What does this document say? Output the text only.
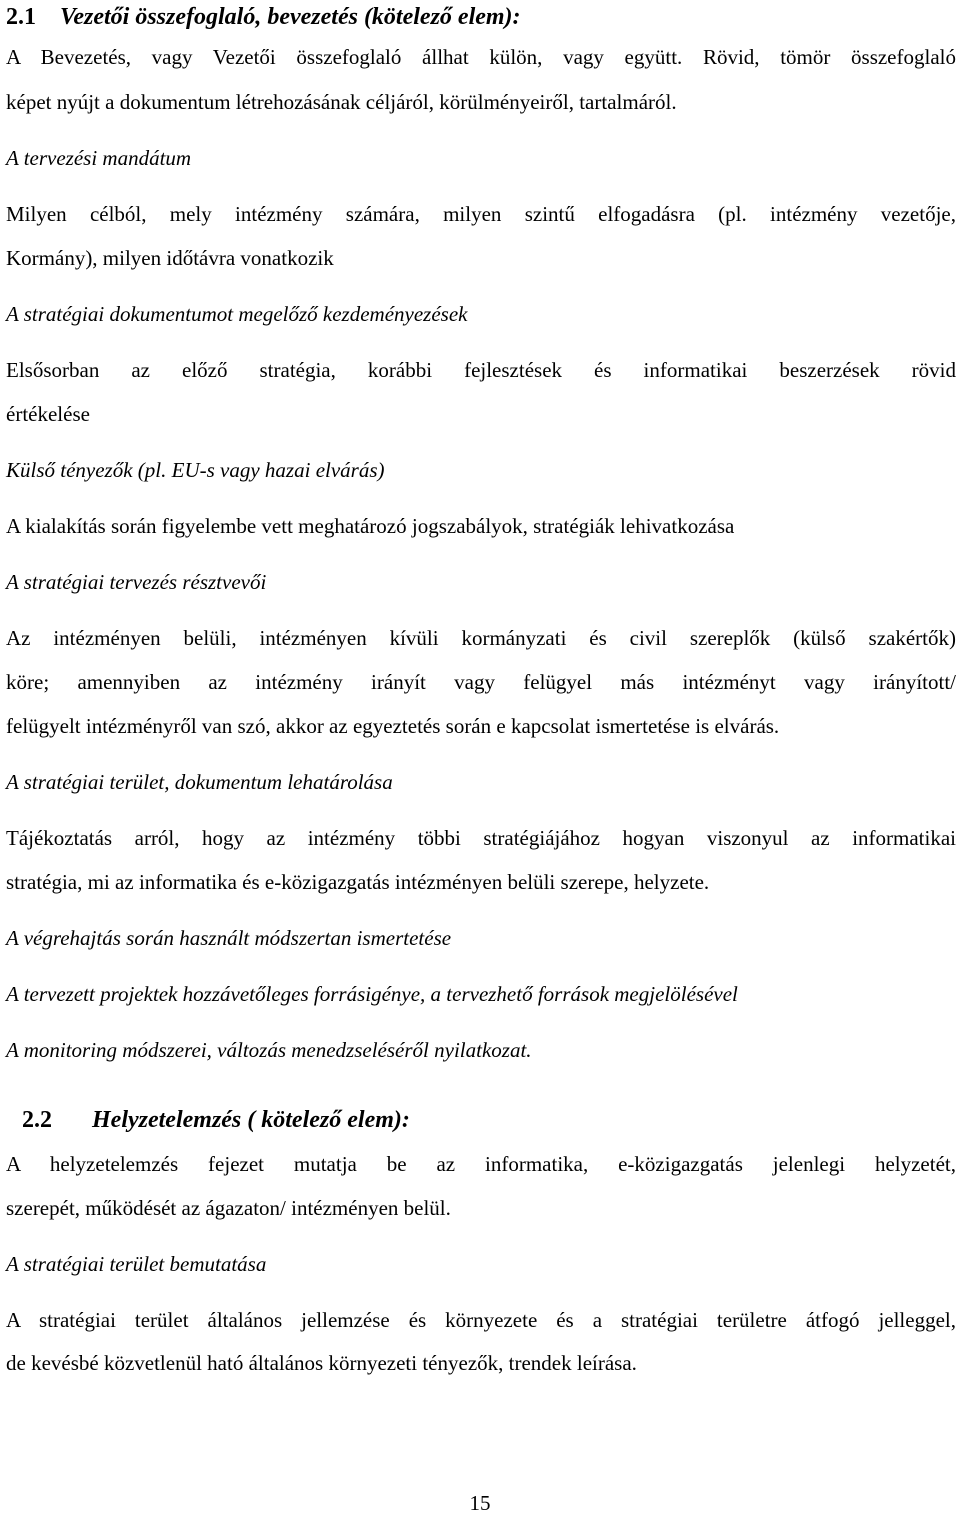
2.1 Vezetői összefoglaló, bevezetés (kötelező elem):
A Bevezetés, vagy Vezetői összefoglaló állhat külön, vagy együtt. Rövid, tömör összefoglaló
képet nyújt a dokumentum létrehozásának céljáról, körülményeiről, tartalmáról.
A tervezési mandátum
Milyen célból, mely intézmény számára, milyen szintű elfogadásra (pl. intézmény vezetője,
Kormány), milyen időtávra vonatkozik
A stratégiai dokumentumot megelőző kezdeményezések
Elsősorban az előző stratégia, korábbi fejlesztések és informatikai beszerzések rövid
értékelése
Külső tényezők (pl. EU-s vagy hazai elvárás)
A kialakítás során figyelembe vett meghatározó jogszabályok, stratégiák lehivatkozása
A stratégiai tervezés résztvevői
Az intézményen belüli, intézményen kívüli kormányzati és civil szereplők (külső szakértők)
köre; amennyiben az intézmény irányít vagy felügyel más intézményt vagy irányított/
felügyelt intézményről van szó, akkor az egyeztetés során e kapcsolat ismertetése is elvárás.
A stratégiai terület, dokumentum lehatárolása
Tájékoztatás arról, hogy az intézmény többi stratégiájához hogyan viszonyul az informatikai
stratégia, mi az informatika és e-közigazgatás intézményen belüli szerepe, helyzete.
A végrehajtás során használt módszertan ismertetése
A tervezett projektek hozzávetőleges forrásigénye, a tervezhető források megjelölésével
A monitoring módszerei, változás menedzseléséről nyilatkozat.
2.2 Helyzetelemzés ( kötelező elem):
A helyzetelemzés fejezet mutatja be az informatika, e-közigazgatás jelenlegi helyzetét,
szerepét, működését az ágazaton/ intézményen belül.
A stratégiai terület bemutatása
A stratégiai terület általános jellemzése és környezete és a stratégiai területre átfogó jelleggel,
de kevésbé közvetlenül ható általános környezeti tényezők, trendek leírása.
15
